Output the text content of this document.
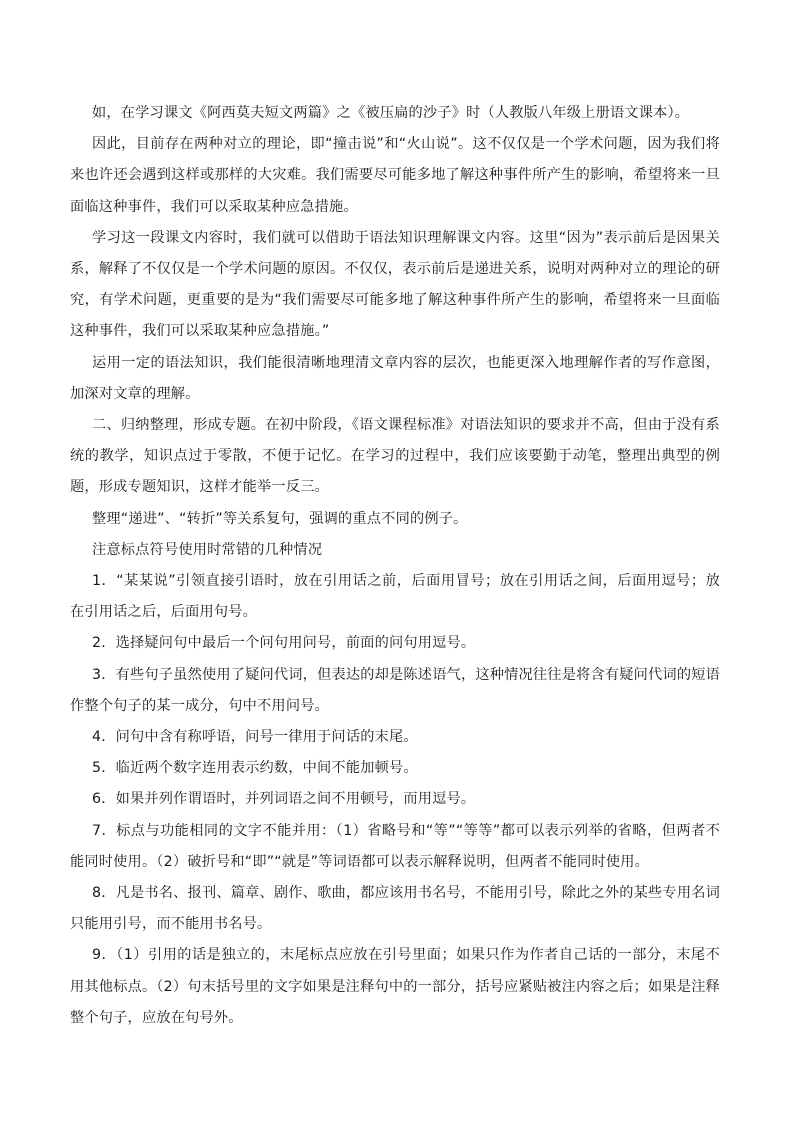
如，在学习课文《阿西莫夫短文两篇》之《被压扁的沙子》时（人教版八年级上册语文课本）。

因此，目前存在两种对立的理论，即“撞击说”和“火山说”。这不仅仅是一个学术问题，因为我们将来也许还会遇到这样或那样的大灾难。我们需要尽可能多地了解这种事件所产生的影响，希望将来一旦面临这种事件，我们可以采取某种应急措施。

学习这一段课文内容时，我们就可以借助于语法知识理解课文内容。这里“因为”表示前后是因果关系，解释了不仅仅是一个学术问题的原因。不仅仅，表示前后是递进关系，说明对两种对立的理论的研究，有学术问题，更重要的是为“我们需要尽可能多地了解这种事件所产生的影响，希望将来一旦面临这种事件，我们可以采取某种应急措施。”

运用一定的语法知识，我们能很清晰地理清文章内容的层次，也能更深入地理解作者的写作意图，加深对文章的理解。

二、归纳整理，形成专题。在初中阶段，《语文课程标准》对语法知识的要求并不高，但由于没有系统的教学，知识点过于零散，不便于记忆。在学习的过程中，我们应该要勤于动笔，整理出典型的例题，形成专题知识，这样才能举一反三。

整理“递进”、“转折”等关系复句，强调的重点不同的例子。

注意标点符号使用时常错的几种情况

1．“某某说”引领直接引语时，放在引用话之前，后面用冒号；放在引用话之间，后面用逗号；放在引用话之后，后面用句号。

2．选择疑问句中最后一个问句用问号，前面的问句用逗号。

3．有些句子虽然使用了疑问代词，但表达的却是陈述语气，这种情况往往是将含有疑问代词的短语作整个句子的某一成分，句中不用问号。

4．问句中含有称呼语，问号一律用于问话的末尾。

5．临近两个数字连用表示约数，中间不能加顿号。

6．如果并列作谓语时，并列词语之间不用顿号，而用逗号。

7．标点与功能相同的文字不能并用：（1）省略号和“等”“等等”都可以表示列举的省略，但两者不能同时使用。（2）破折号和“即”“就是”等词语都可以表示解释说明，但两者不能同时使用。

8．凡是书名、报刊、篇章、剧作、歌曲，都应该用书名号，不能用引号，除此之外的某些专用名词只能用引号，而不能用书名号。

9．（1）引用的话是独立的，末尾标点应放在引号里面；如果只作为作者自己话的一部分，末尾不用其他标点。（2）句末括号里的文字如果是注释句中的一部分，括号应紧贴被注内容之后；如果是注释整个句子，应放在句号外。
